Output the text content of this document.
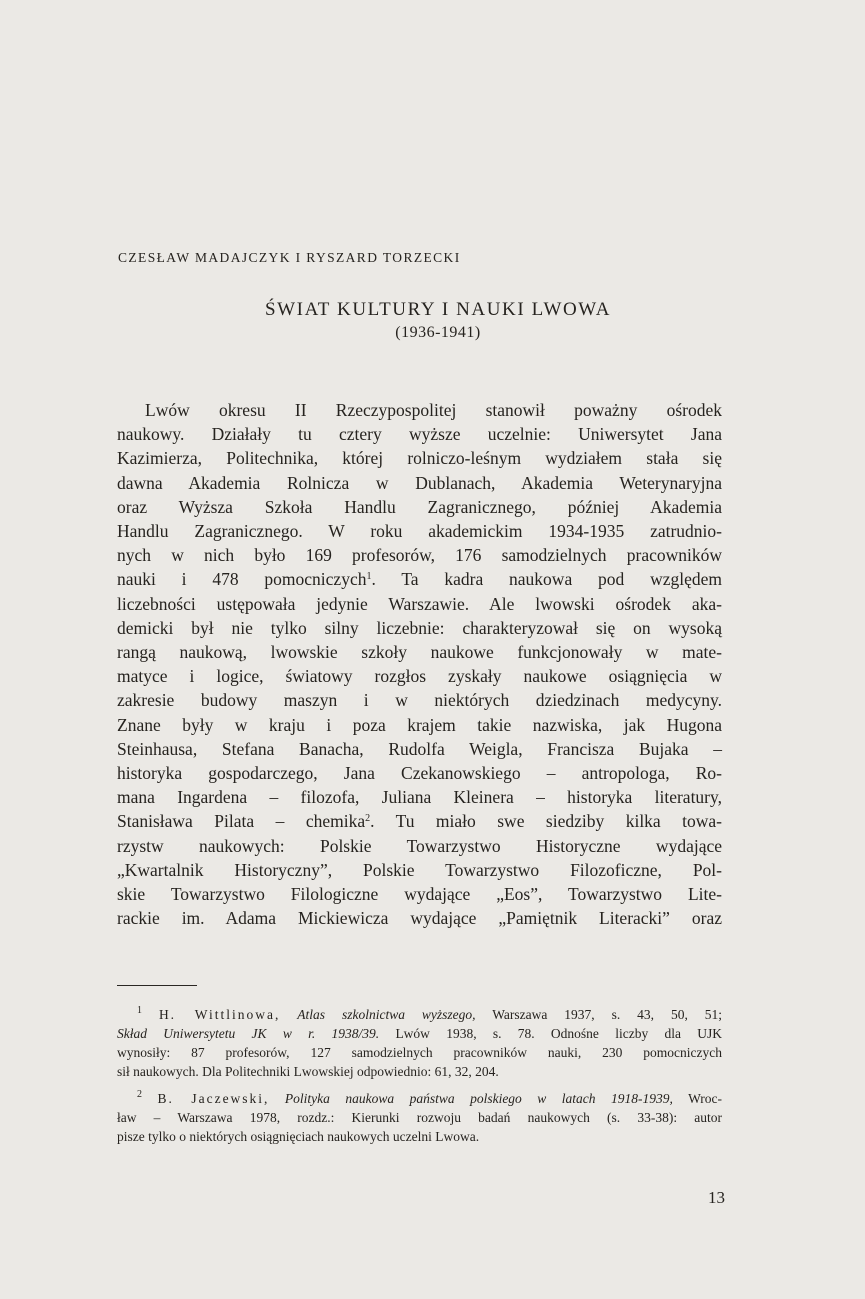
CZESŁAW MADAJCZYK I RYSZARD TORZECKI
ŚWIAT KULTURY I NAUKI LWOWA
(1936-1941)
Lwów okresu II Rzeczypospolitej stanowił poważny ośrodek
naukowy. Działały tu cztery wyższe uczelnie: Uniwersytet Jana
Kazimierza, Politechnika, której rolniczo-leśnym wydziałem stała się
dawna Akademia Rolnicza w Dublanach, Akademia Weterynaryjna
oraz Wyższa Szkoła Handlu Zagranicznego, później Akademia
Handlu Zagranicznego. W roku akademickim 1934-1935 zatrudnio-
nych w nich było 169 profesorów, 176 samodzielnych pracowników
nauki i 478 pomocniczych$^1$. Ta kadra naukowa pod względem
liczebności ustępowała jedynie Warszawie. Ale lwowski ośrodek aka-
demicki był nie tylko silny liczebnie: charakteryzował się on wysoką
rangą naukową, lwowskie szkoły naukowe funkcjonowały w mate-
matyce i logice, światowy rozgłos zyskały naukowe osiągnięcia w
zakresie budowy maszyn i w niektórych dziedzinach medycyny.
Znane były w kraju i poza krajem takie nazwiska, jak Hugona
Steinhausa, Stefana Banacha, Rudolfa Weigla, Francisza Bujaka –
historyka gospodarczego, Jana Czekanowskiego – antropologa, Ro-
mana Ingardena – filozofa, Juliana Kleinera – historyka literatury,
Stanisława Pilata – chemika$^2$. Tu miało swe siedziby kilka towa-
rzystw naukowych: Polskie Towarzystwo Historyczne wydające
„Kwartalnik Historyczny”, Polskie Towarzystwo Filozoficzne, Pol-
skie Towarzystwo Filologiczne wydające „Eos”, Towarzystwo Lite-
rackie im. Adama Mickiewicza wydające „Pamiętnik Literacki” oraz
$^1$ H. Wittlinowa, Atlas szkolnictwa wyższego, Warszawa 1937, s. 43, 50, 51;
Skład Uniwersytetu JK w r. 1938/39. Lwów 1938, s. 78. Odnośne liczby dla UJK
wynosiły: 87 profesorów, 127 samodzielnych pracowników nauki, 230 pomocniczych
sił naukowych. Dla Politechniki Lwowskiej odpowiednio: 61, 32, 204.
$^2$ B. Jaczewski, Polityka naukowa państwa polskiego w latach 1918-1939, Wroc-
ław – Warszawa 1978, rozdz.: Kierunki rozwoju badań naukowych (s. 33-38): autor
pisze tylko o niektórych osiągnięciach naukowych uczelni Lwowa.
13
